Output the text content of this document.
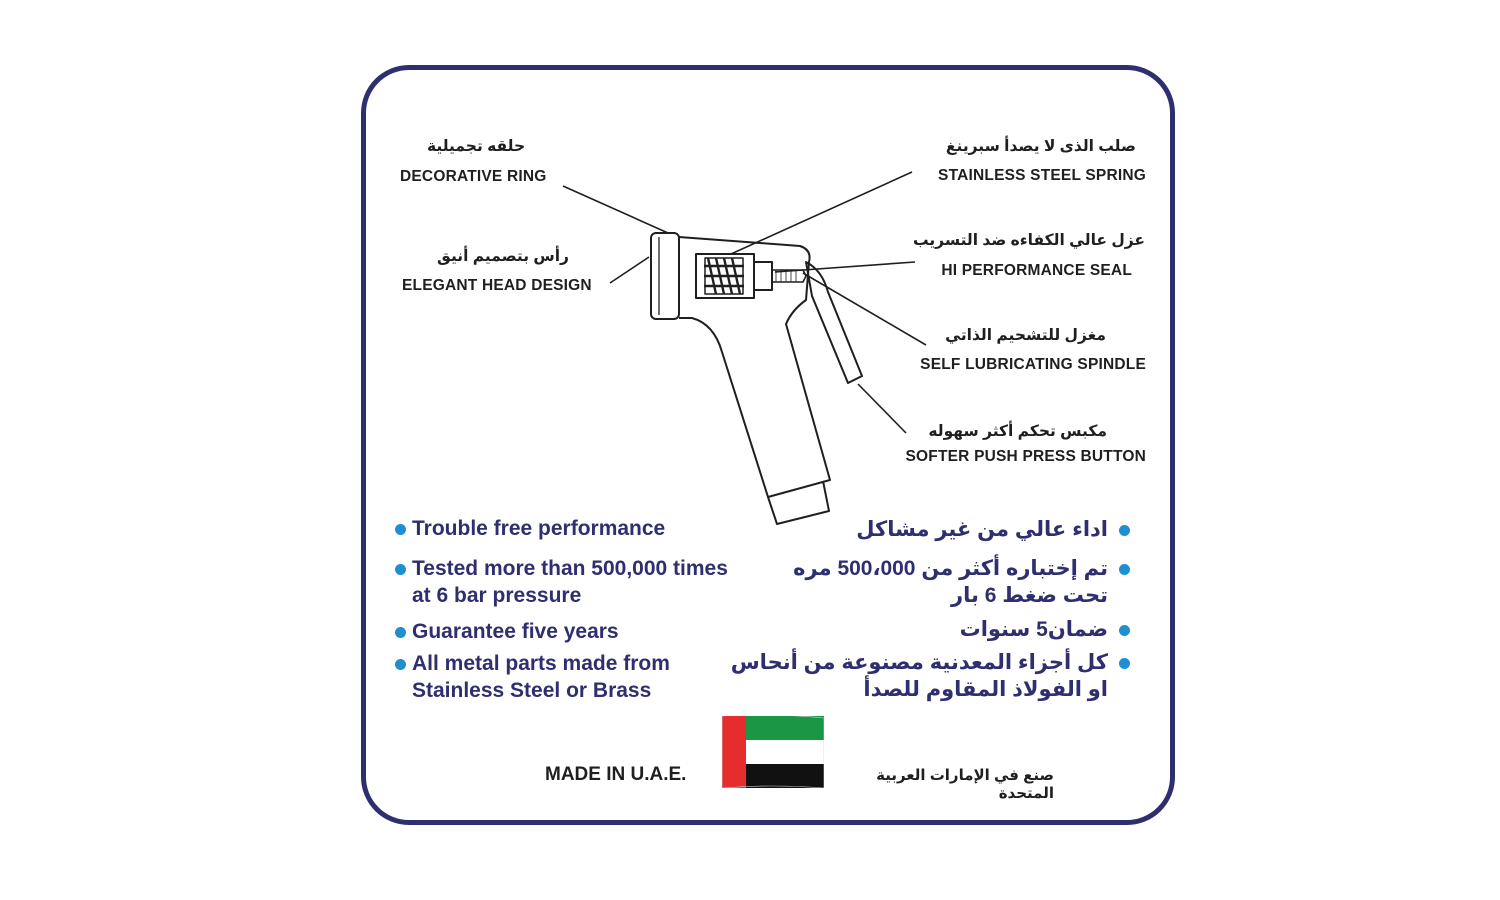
حلقه تجميلية
DECORATIVE RING
رأس بتصميم أنيق
ELEGANT HEAD DESIGN
صلب الذى لا يصدأ سبرينغ
STAINLESS STEEL SPRING
عزل عالي الكفاءه ضد التسريب
HI PERFORMANCE SEAL
مغزل للتشحيم الذاتي
SELF LUBRICATING SPINDLE
مكبس تحكم أكثر سهوله
SOFTER PUSH PRESS BUTTON
Trouble free performance
Tested more than 500,000 times
at 6 bar pressure
Guarantee five years
All metal parts made from
Stainless Steel or Brass
اداء عالي من غير مشاكل
تم إختباره أكثر من 500،000 مره
تحت ضغط 6 بار
ضمان5 سنوات
كل أجزاء المعدنية مصنوعة من أنحاس
او الفولاذ المقاوم للصدأ
MADE IN U.A.E.	صنع في الإمارات العربية المتحدة
